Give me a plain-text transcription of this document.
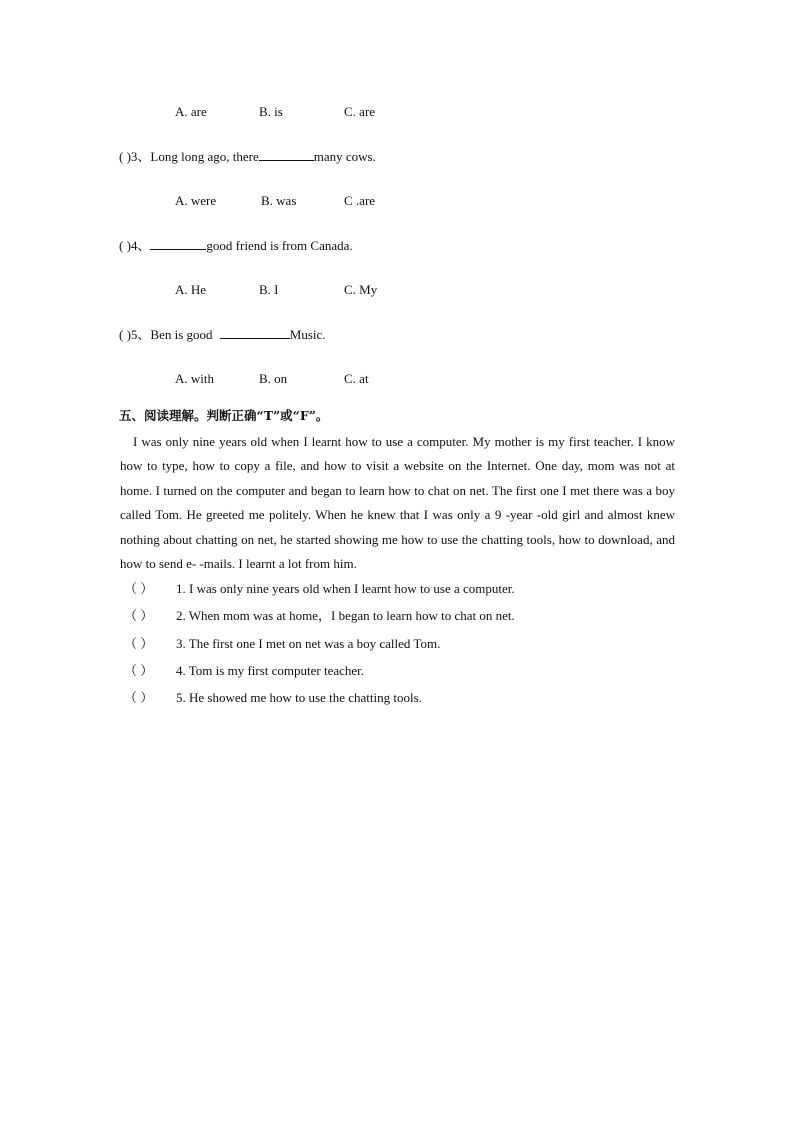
A. are	B. is	C. are
( )3、Long long ago, there	many cows.
A. were	B. was	C .are
( )4、	good friend is from Canada.
A. He	B. I	C. My
( )5、Ben is good	Music.
A. with	B. on	C. at
五、阅读理解。判断正确“T”或“F”。
I was only nine years old when I learnt how to use a computer. My mother is my first teacher. I know how to type, how to copy a file, and how to visit a website on the Internet. One day, mom was not at home. I turned on the computer and began to learn how to chat on net. The first one I met there was a boy called Tom. He greeted me politely. When he knew that I was only a 9 -year -old girl and almost knew nothing about chatting on net, he started showing me how to use the chatting tools, how to download, and how to send e- -mails. I learnt a lot from him.
（ ） 1. I was only nine years old when I learnt how to use a computer.
（ ） 2. When mom was at home，I began to learn how to chat on net.
（ ） 3. The first one I met on net was a boy called Tom.
（ ） 4. Tom is my first computer teacher.
（ ） 5. He showed me how to use the chatting tools.
